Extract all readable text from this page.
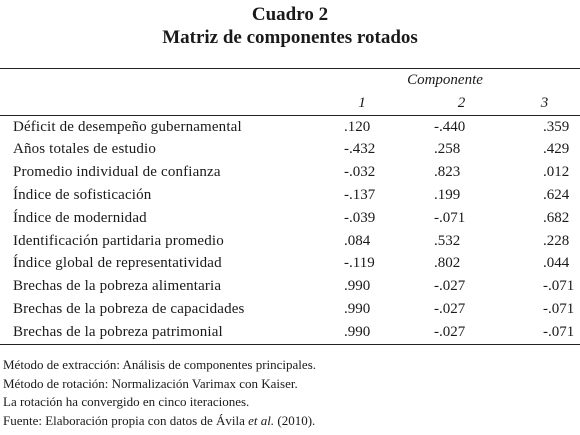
Cuadro 2

Matriz de componentes rotados

	Componente		
	1	2	3
Déficit de desempeño gubernamental	.120	-.440	.359
Años totales de estudio	-.432	.258	.429
Promedio individual de confianza	-.032	.823	.012
Índice de sofisticación	-.137	.199	.624
Índice de modernidad	-.039	-.071	.682
Identificación partidaria promedio	.084	.532	.228
Índice global de representatividad	-.119	.802	.044
Brechas de la pobreza alimentaria	.990	-.027	-.071
Brechas de la pobreza de capacidades	.990	-.027	-.071
Brechas de la pobreza patrimonial	.990	-.027	-.071

Método de extracción: Análisis de componentes principales.

Método de rotación: Normalización Varimax con Kaiser.

La rotación ha convergido en cinco iteraciones.

Fuente: Elaboración propia con datos de Ávila et al. (2010).
